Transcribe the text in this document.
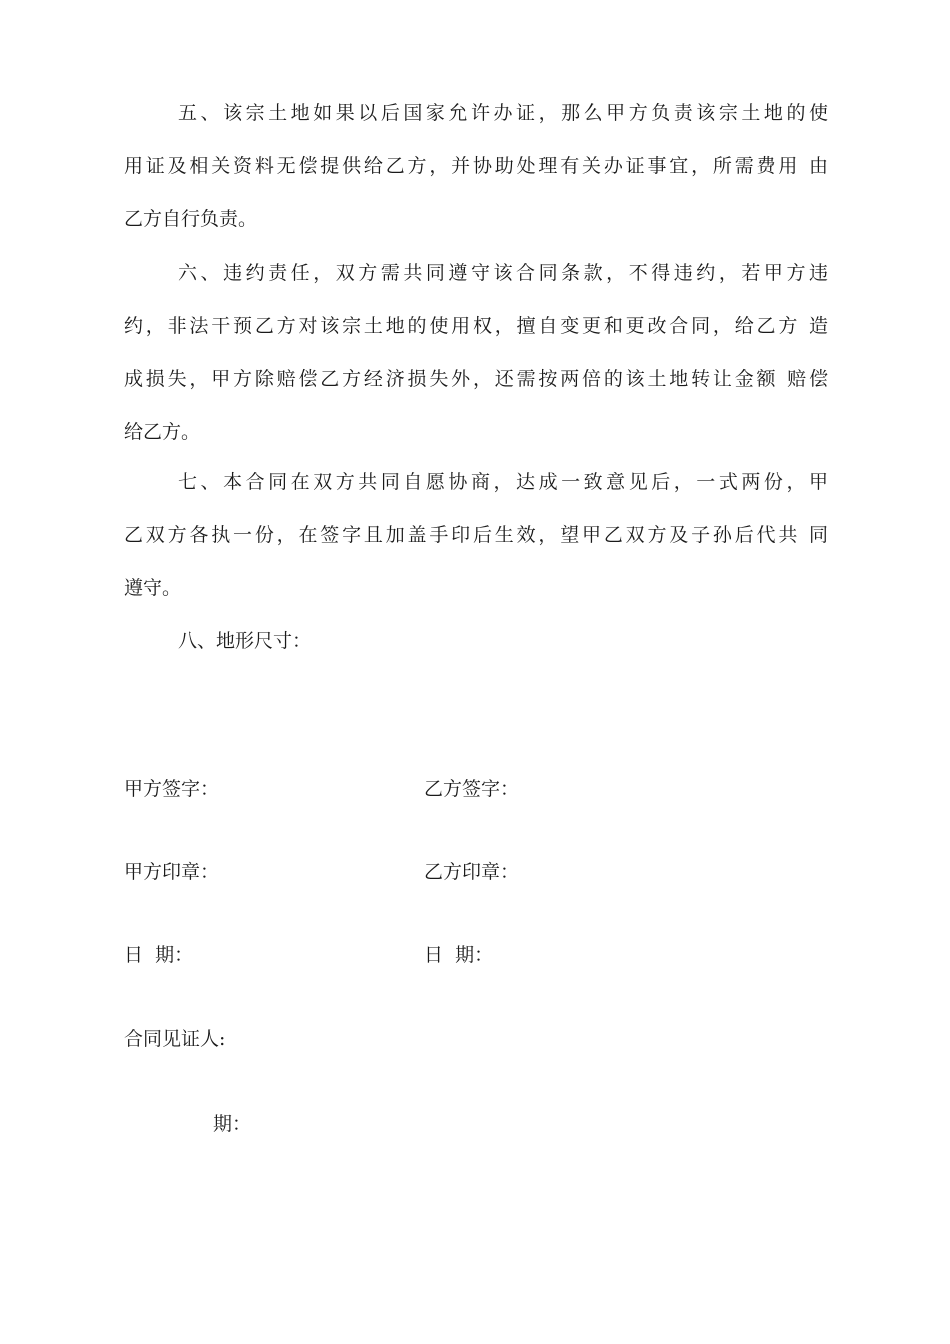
五、该宗土地如果以后国家允许办证，那么甲方负责该宗土地的使
用证及相关资料无偿提供给乙方，并协助处理有关办证事宜，所需费用 由
乙方自行负责。
六、违约责任，双方需共同遵守该合同条款，不得违约，若甲方违
约，非法干预乙方对该宗土地的使用权，擅自变更和更改合同，给乙方 造
成损失，甲方除赔偿乙方经济损失外，还需按两倍的该土地转让金额 赔偿
给乙方。
七、本合同在双方共同自愿协商，达成一致意见后，一式两份，甲
乙双方各执一份，在签字且加盖手印后生效，望甲乙双方及子孙后代共 同
遵守。
八、地形尺寸：
甲方签字：	乙方签字：
甲方印章：	乙方印章：
日  期：	日  期：
合同见证人:
期：
